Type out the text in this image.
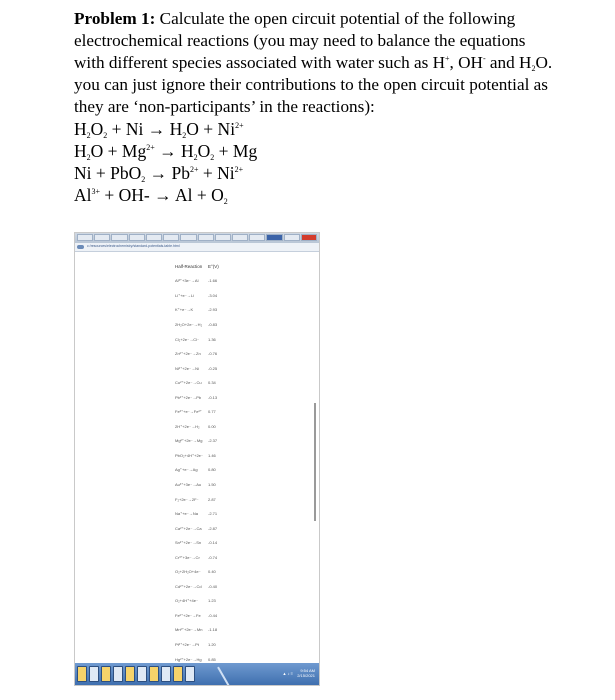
Problem 1: Calculate the open circuit potential of the following electrochemical reactions (you may need to balance the equations with different species associated with water such as H+, OH- and $H_2O$. you can just ignore their contributions to the open circuit potential as they are ‘non-participants’ in the reactions):
$H_2O_2 + Ni \to H_2O + Ni^{2+}$
$H_2O + Mg^{2+} \to H_2O_2 + Mg$
$Ni + PbO_2 \to Pb^{2+} + Ni^{2+}$
$Al^{3+} + OH- \to Al + O_2$
c:/resources/electrochemistry/standard-potentials-table.html
Half-Reaction	E°(V)
Al³⁺+3e⁻→Al	-1.66
Li⁺+e⁻→Li	-3.04
K⁺+e⁻→K	-2.93
2H₂O+2e⁻→H₂	-0.83
Cl₂+2e⁻→Cl⁻	1.36
Zn²⁺+2e⁻→Zn	-0.76
Ni²⁺+2e⁻→Ni	-0.25
Cu²⁺+2e⁻→Cu	0.34
Pb²⁺+2e⁻→Pb	-0.13
Fe³⁺+e⁻→Fe²⁺	0.77
2H⁺+2e⁻→H₂	0.00
Mg²⁺+2e⁻→Mg	-2.37
PbO₂+4H⁺+2e⁻	1.46
Ag⁺+e⁻→Ag	0.80
Au³⁺+3e⁻→Au	1.50
F₂+2e⁻→2F⁻	2.87
Na⁺+e⁻→Na	-2.71
Ca²⁺+2e⁻→Ca	-2.87
Sn²⁺+2e⁻→Sn	-0.14
Cr³⁺+3e⁻→Cr	-0.74
O₂+2H₂O+4e⁻	0.40
Cd²⁺+2e⁻→Cd	-0.40
O₂+4H⁺+4e⁻	1.23
Fe²⁺+2e⁻→Fe	-0.44
Mn²⁺+2e⁻→Mn	-1.18
Pt²⁺+2e⁻→Pt	1.20
Hg²⁺+2e⁻→Hg	0.85
▲ ♪ ≡
9:54 AM
2/15/2021
